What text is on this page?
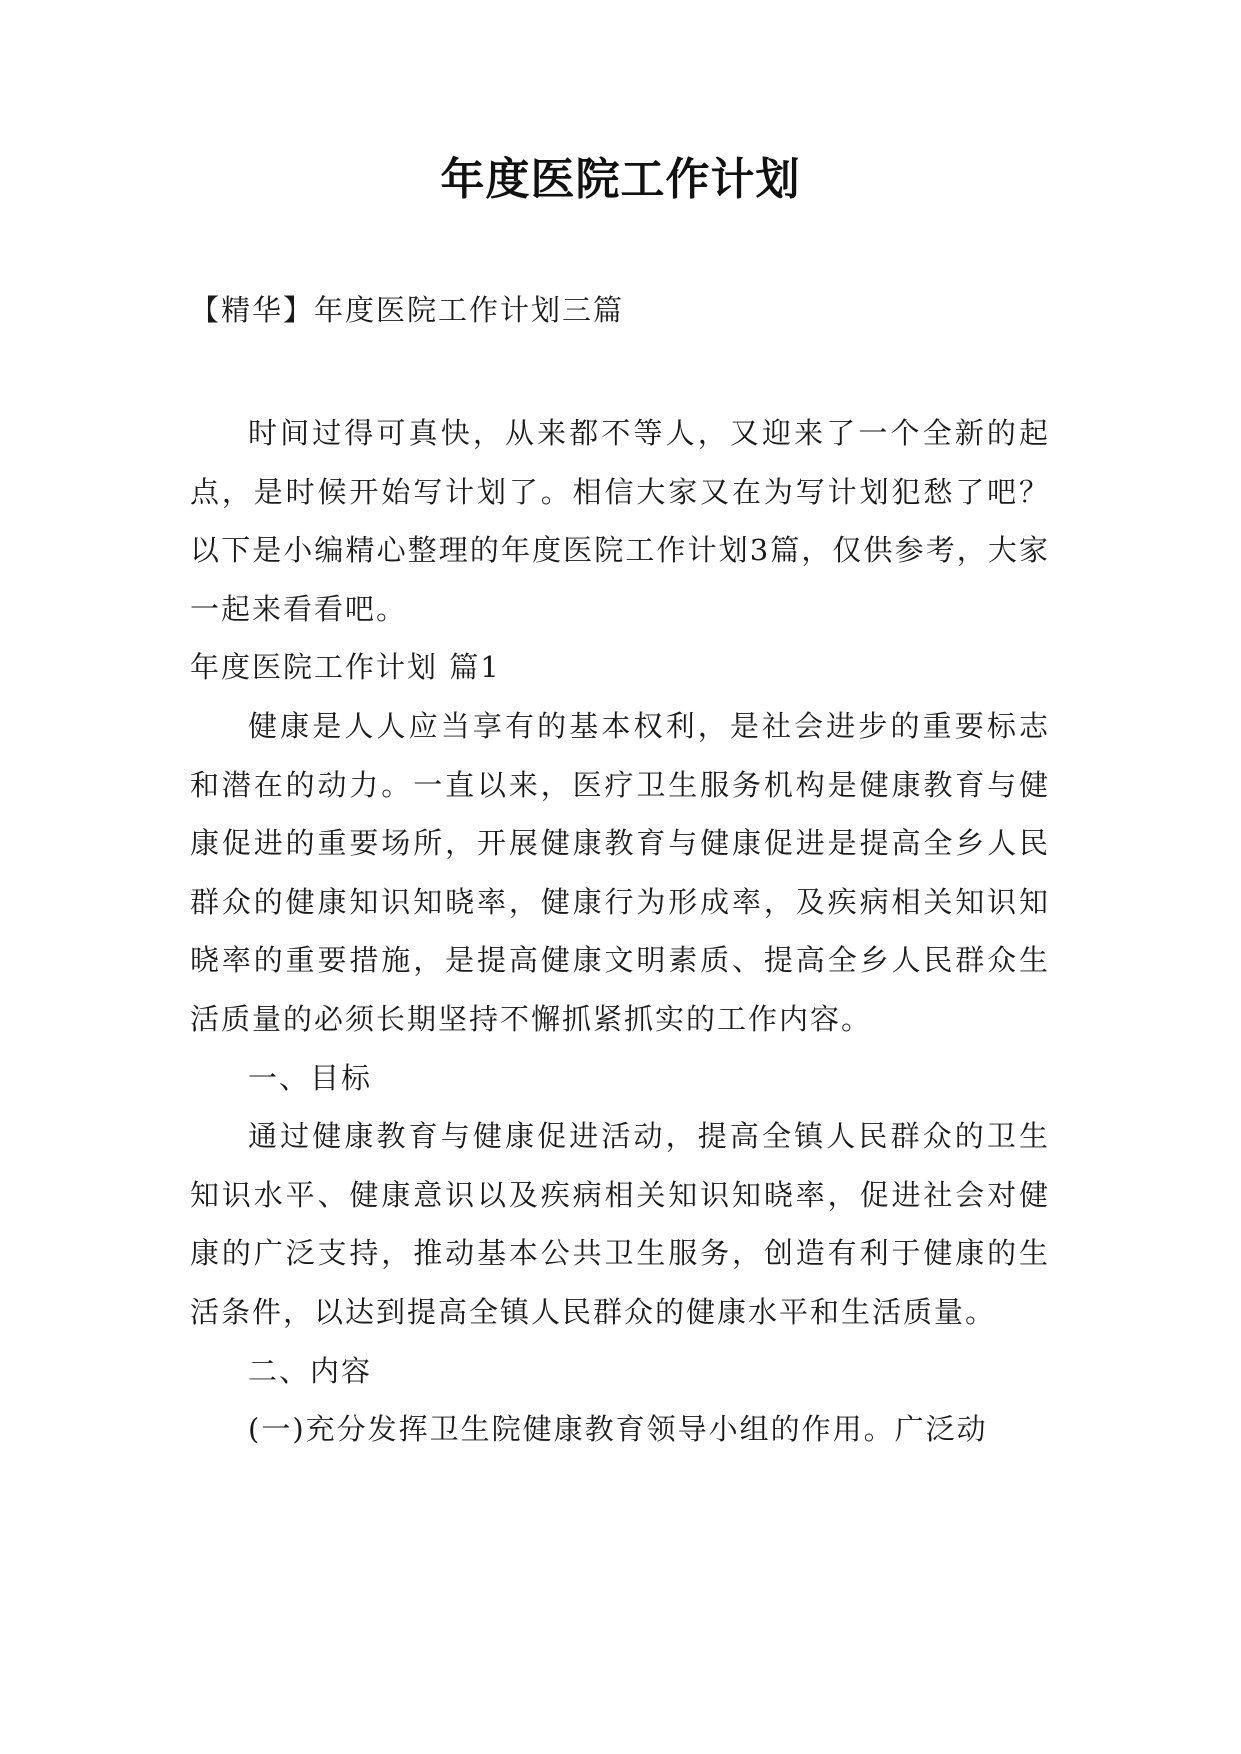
年度医院工作计划
【精华】年度医院工作计划三篇

时间过得可真快，从来都不等人，又迎来了一个全新的起点，是时候开始写计划了。相信大家又在为写计划犯愁了吧？以下是小编精心整理的年度医院工作计划3篇，仅供参考，大家一起来看看吧。

年度医院工作计划 篇1

健康是人人应当享有的基本权利，是社会进步的重要标志和潜在的动力。一直以来，医疗卫生服务机构是健康教育与健康促进的重要场所，开展健康教育与健康促进是提高全乡人民群众的健康知识知晓率，健康行为形成率，及疾病相关知识知晓率的重要措施，是提高健康文明素质、提高全乡人民群众生活质量的必须长期坚持不懈抓紧抓实的工作内容。

一、目标

通过健康教育与健康促进活动，提高全镇人民群众的卫生知识水平、健康意识以及疾病相关知识知晓率，促进社会对健康的广泛支持，推动基本公共卫生服务，创造有利于健康的生活条件，以达到提高全镇人民群众的健康水平和生活质量。

二、内容

(一)充分发挥卫生院健康教育领导小组的作用。广泛动
